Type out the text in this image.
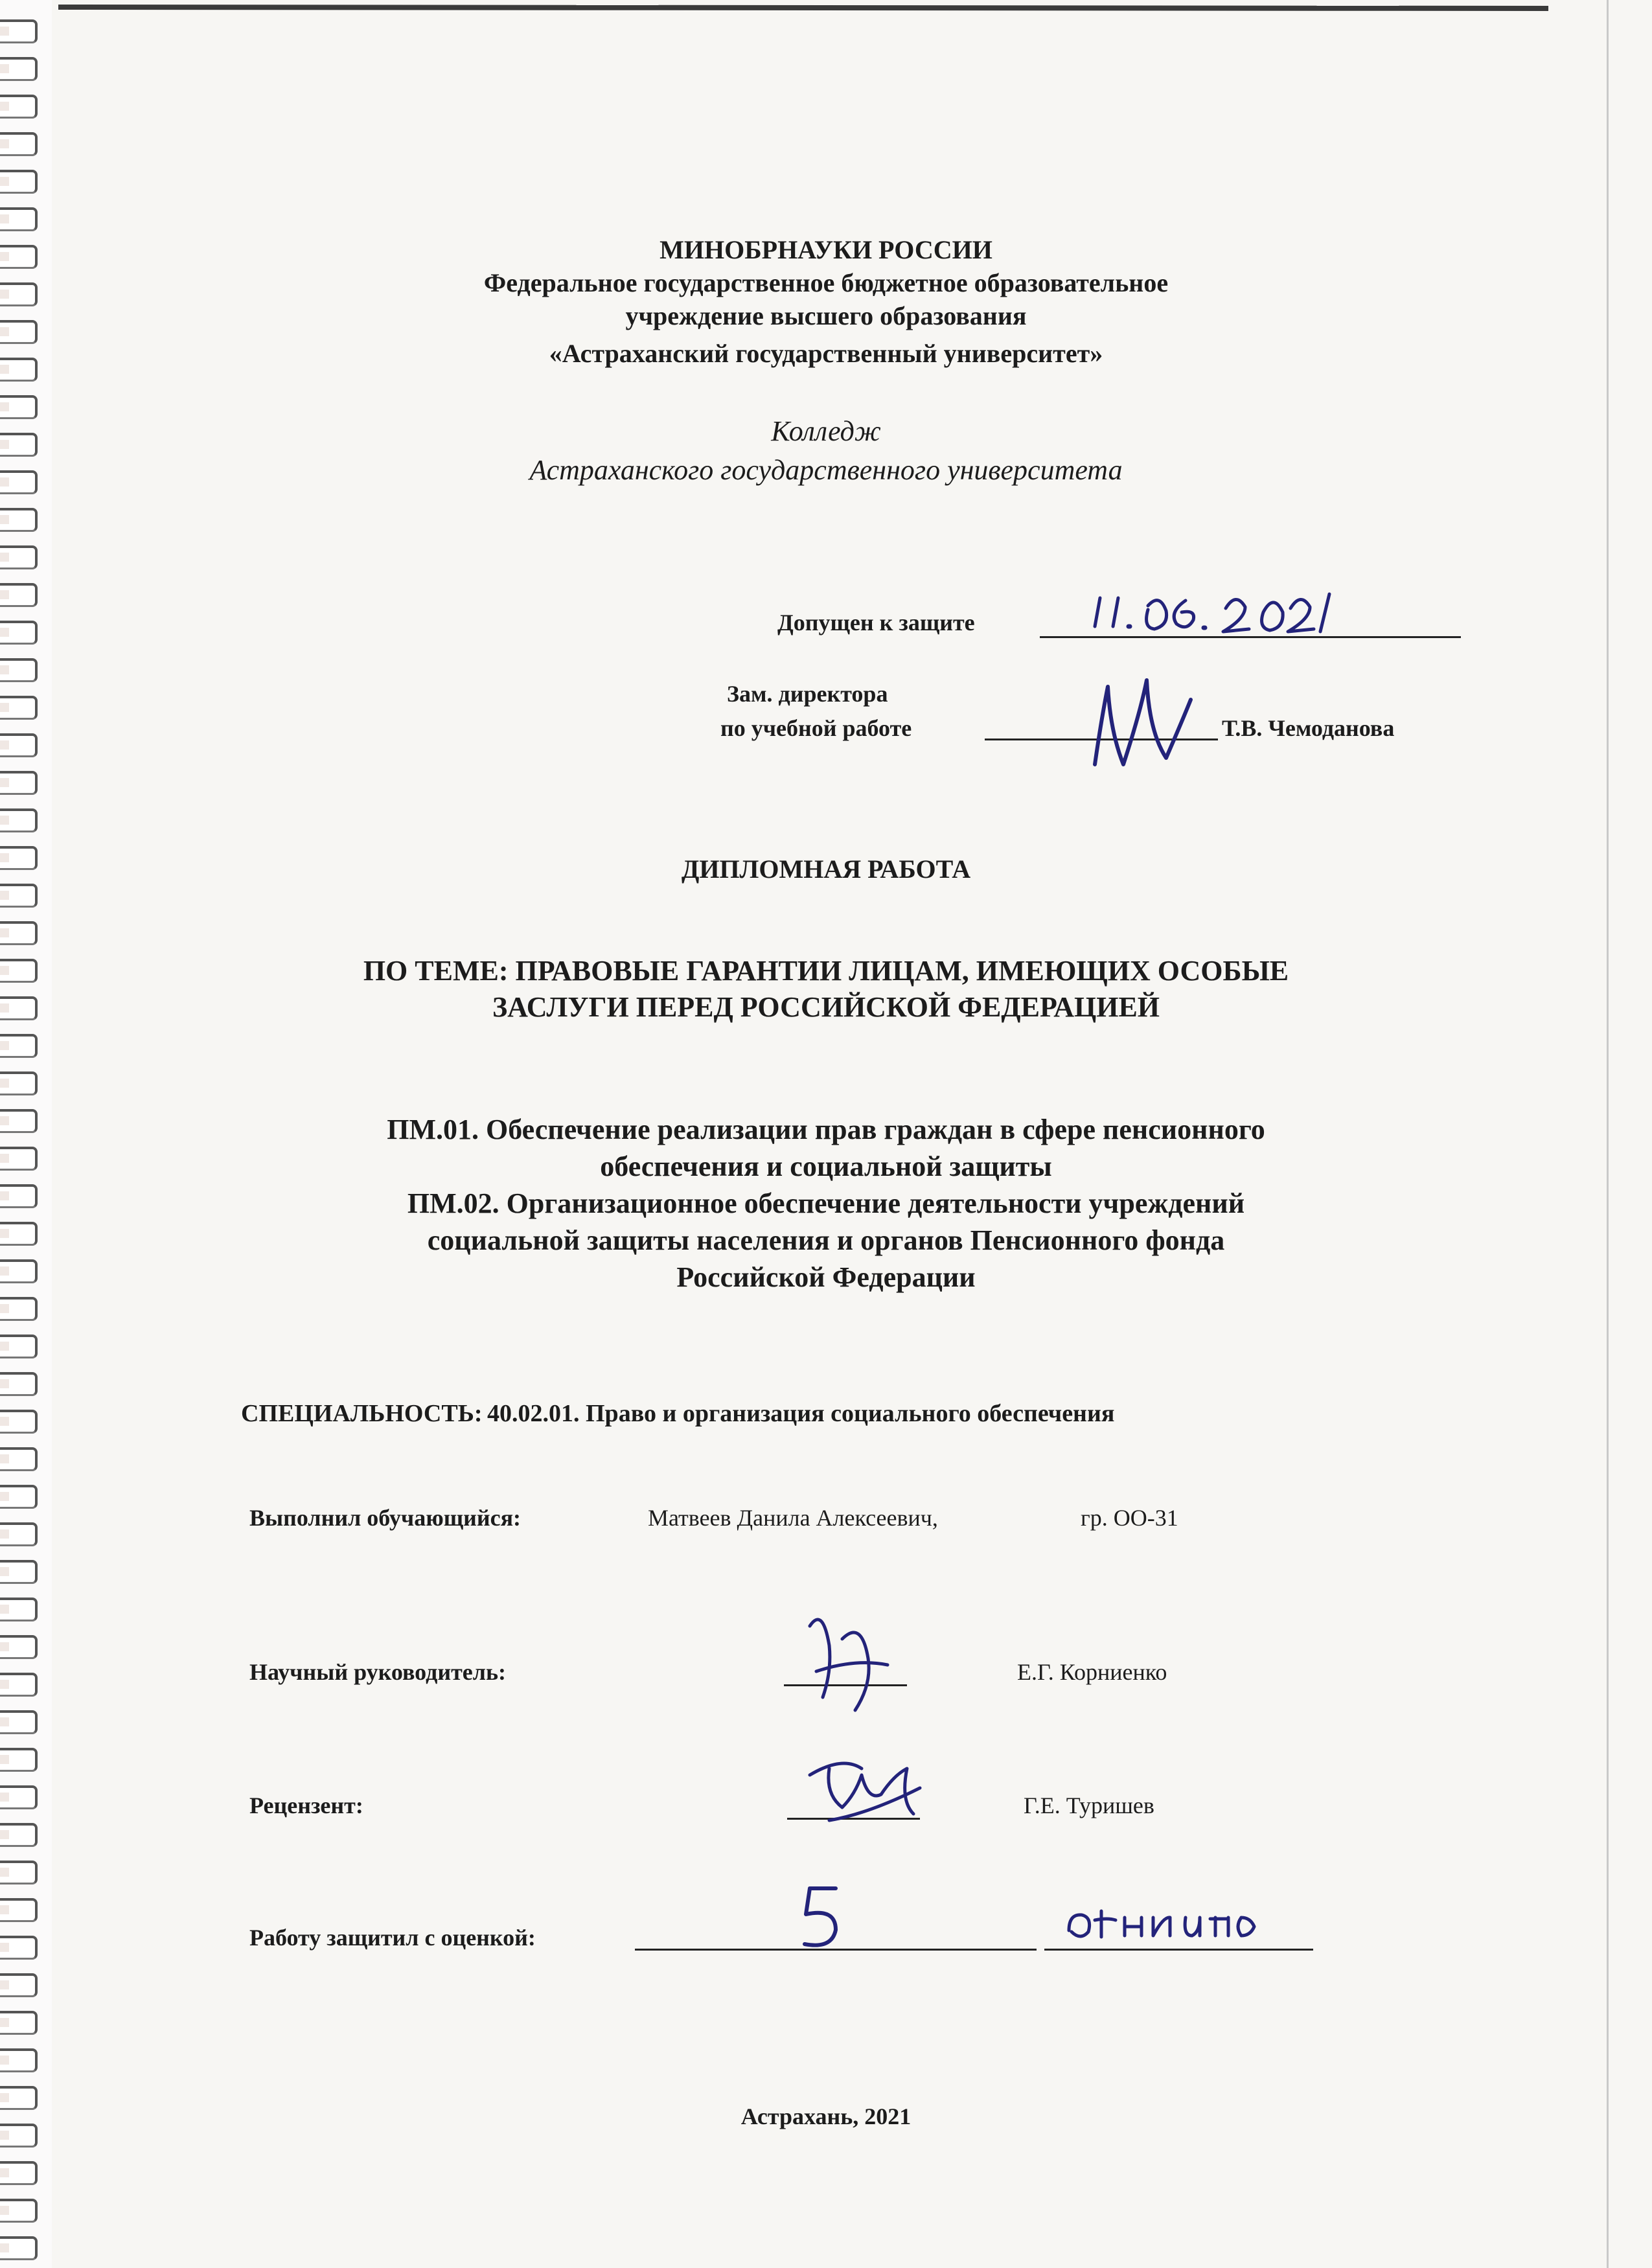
МИНОБРНАУКИ РОССИИ
Федеральное государственное бюджетное образовательное
учреждение высшего образования
«Астраханский государственный университет»
Колледж
Астраханского государственного университета
Допущен к защите
Зам. директора
по учебной работе	Т.В. Чемоданова
ДИПЛОМНАЯ РАБОТА
ПО ТЕМЕ: ПРАВОВЫЕ ГАРАНТИИ ЛИЦАМ, ИМЕЮЩИХ ОСОБЫЕ
ЗАСЛУГИ ПЕРЕД РОССИЙСКОЙ ФЕДЕРАЦИЕЙ
ПМ.01. Обеспечение реализации прав граждан в сфере пенсионного
обеспечения и социальной защиты
ПМ.02. Организационное обеспечение деятельности учреждений
социальной защиты населения и органов Пенсионного фонда
Российской Федерации
СПЕЦИАЛЬНОСТЬ: 40.02.01. Право и организация социального обеспечения
Выполнил обучающийся:	Матвеев Данила Алексеевич,	гр. ОО-31
Научный руководитель:	Е.Г. Корниенко
Рецензент:	Г.Е. Туришев
Работу защитил с оценкой:
Астрахань, 2021
